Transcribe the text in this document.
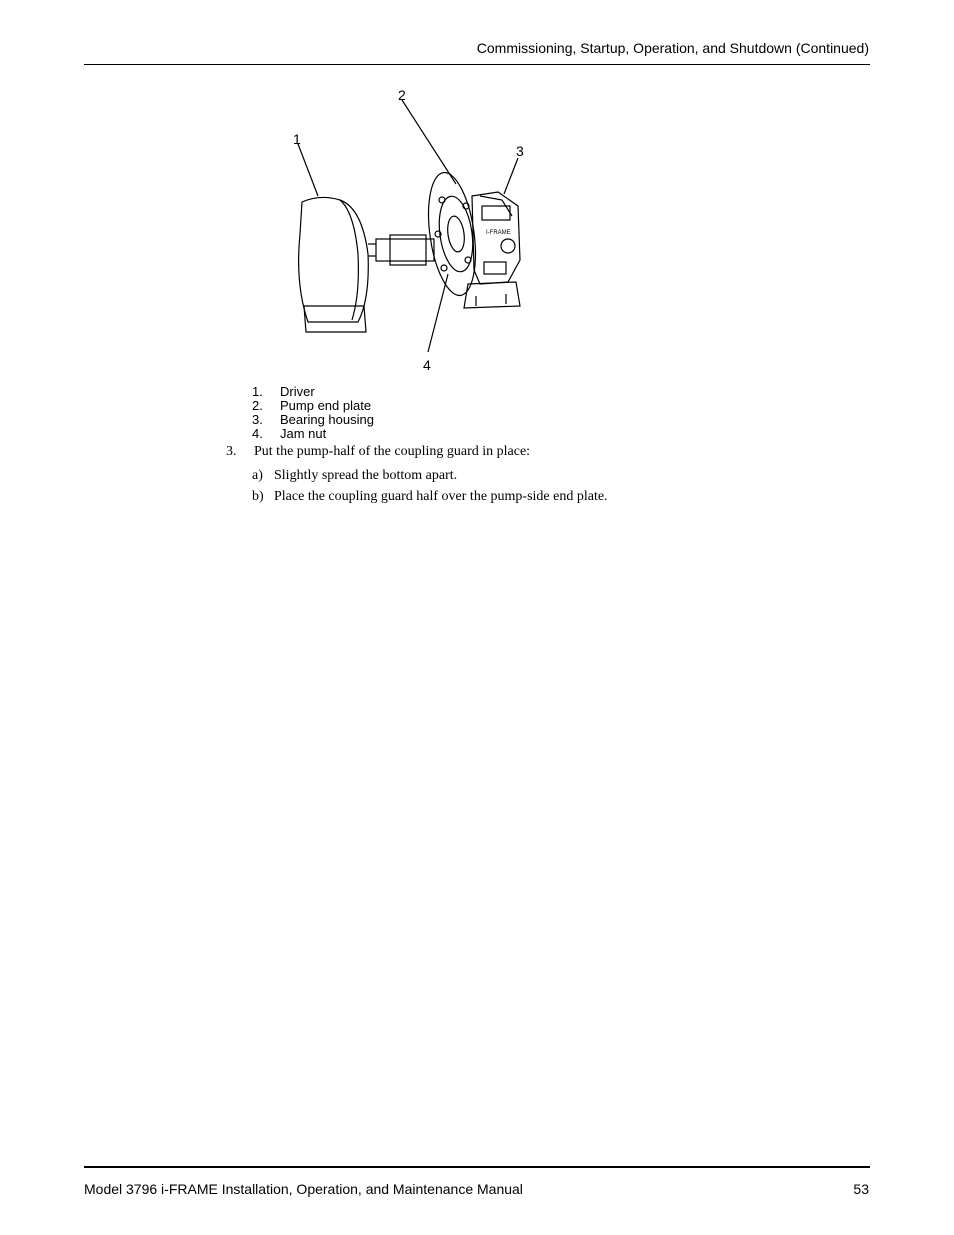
Commissioning, Startup, Operation, and Shutdown (Continued)
I-FRAME
1
2
3
4
1.	Driver
2.	Pump end plate
3.	Bearing housing
4.	Jam nut
3.	Put the pump-half of the coupling guard in place:
a) Slightly spread the bottom apart.
b) Place the coupling guard half over the pump-side end plate.
Model 3796 i-FRAME Installation, Operation, and Maintenance Manual	53
